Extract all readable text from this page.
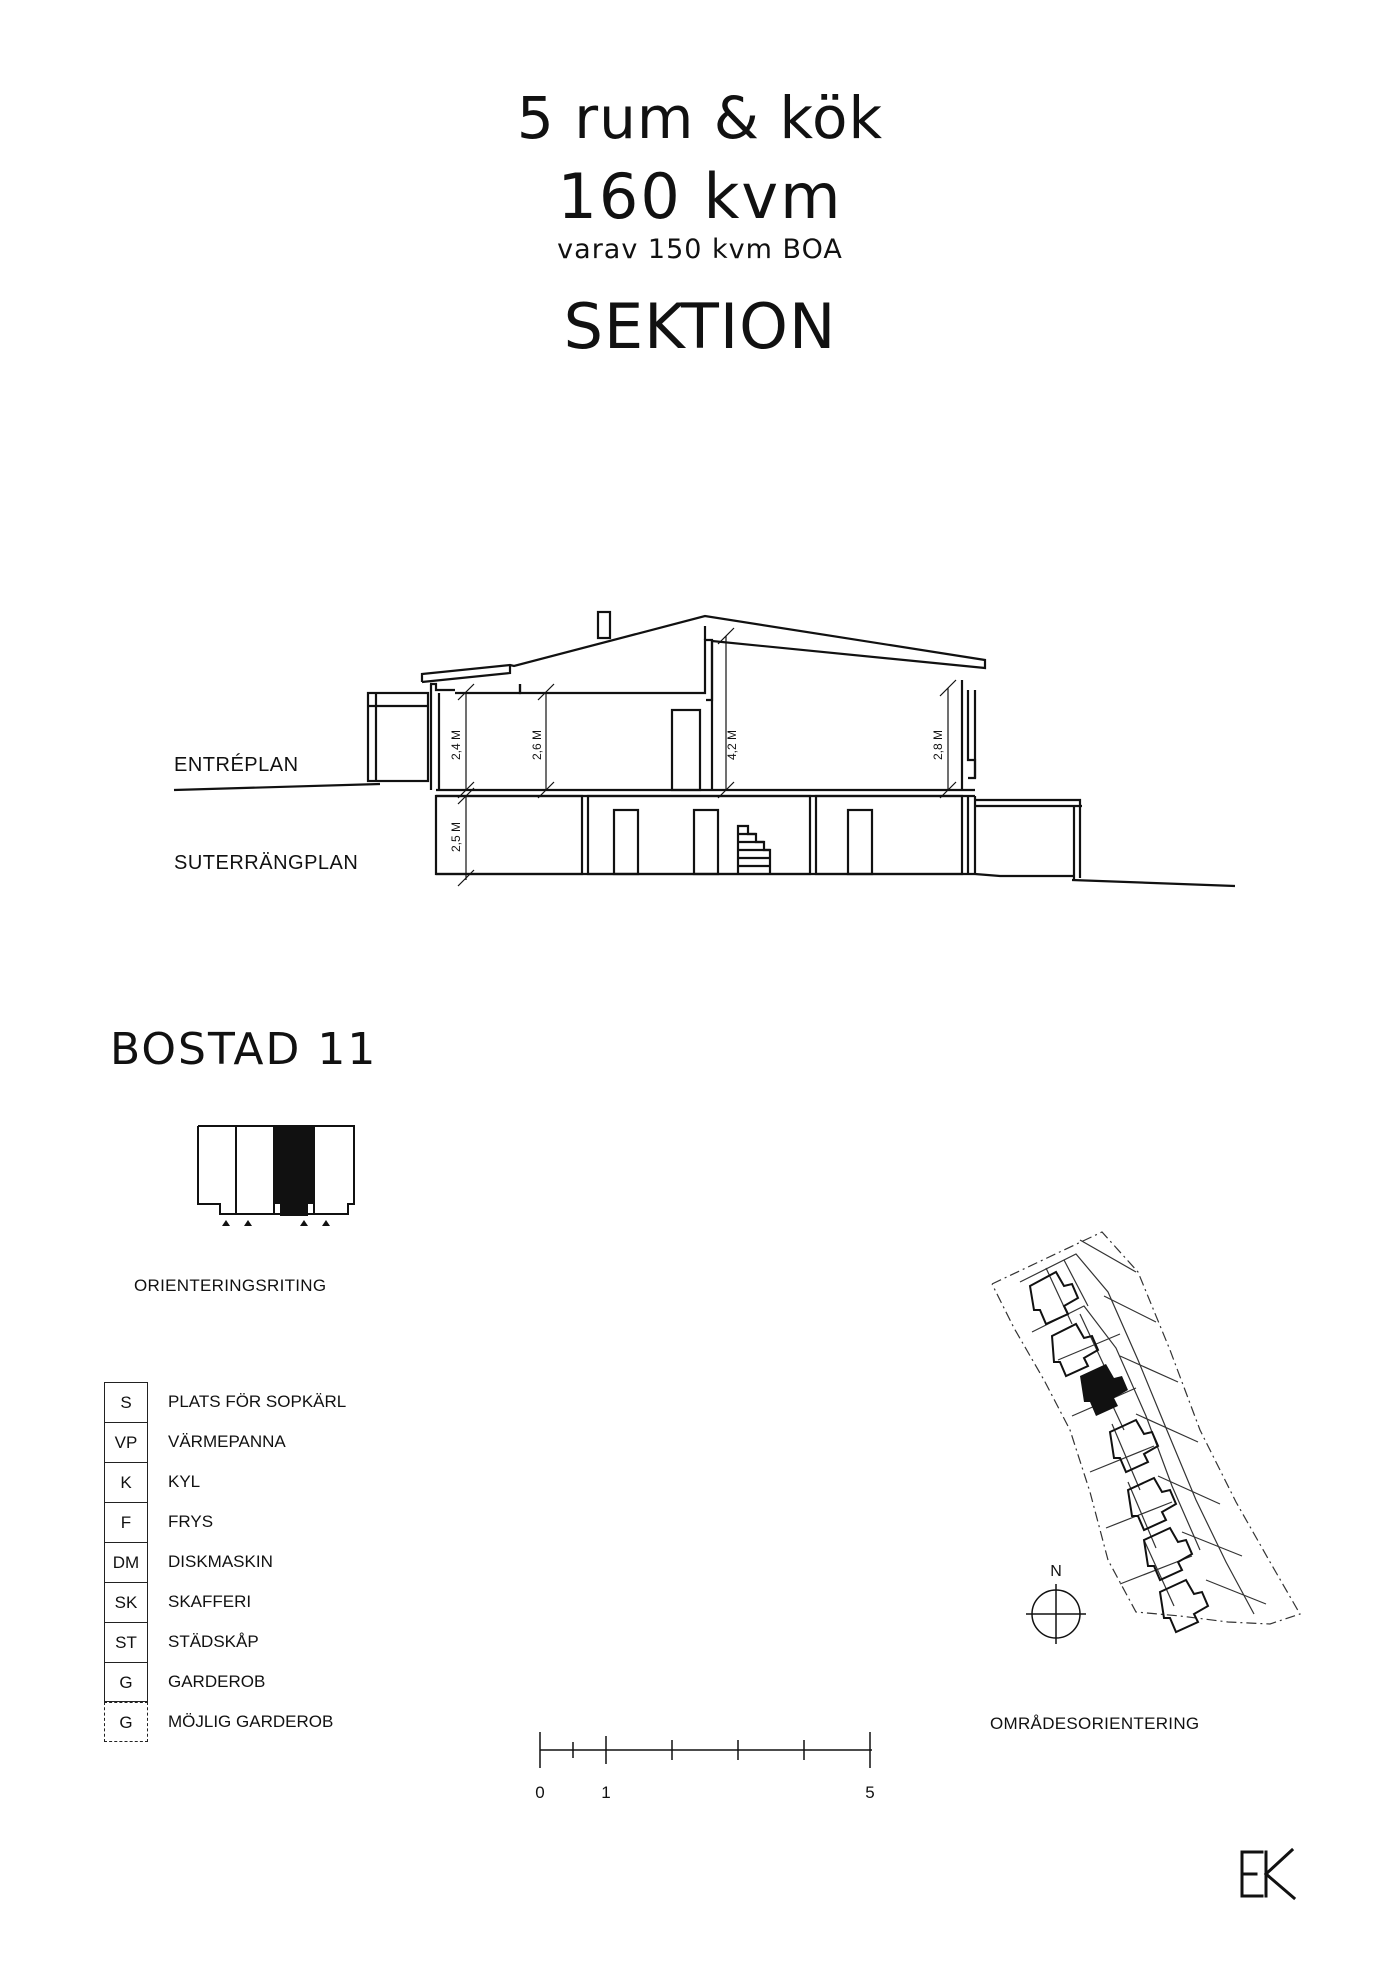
5 rum & kök
160 kvm
varav 150 kvm BOA
SEKTION
2,4 M	2,6 M	4,2 M	2,8 M
2,5 M
ENTRÉPLAN
SUTERRÄNGPLAN
BOSTAD 11
ORIENTERINGSRITING
S	PLATS FÖR SOPKÄRL
VP	VÄRMEPANNA
K	KYL
F	FRYS
DM	DISKMASKIN
SK	SKAFFERI
ST	STÄDSKÅP
G	GARDEROB
G	MÖJLIG GARDEROB
0	1	5
N
OMRÅDESORIENTERING
